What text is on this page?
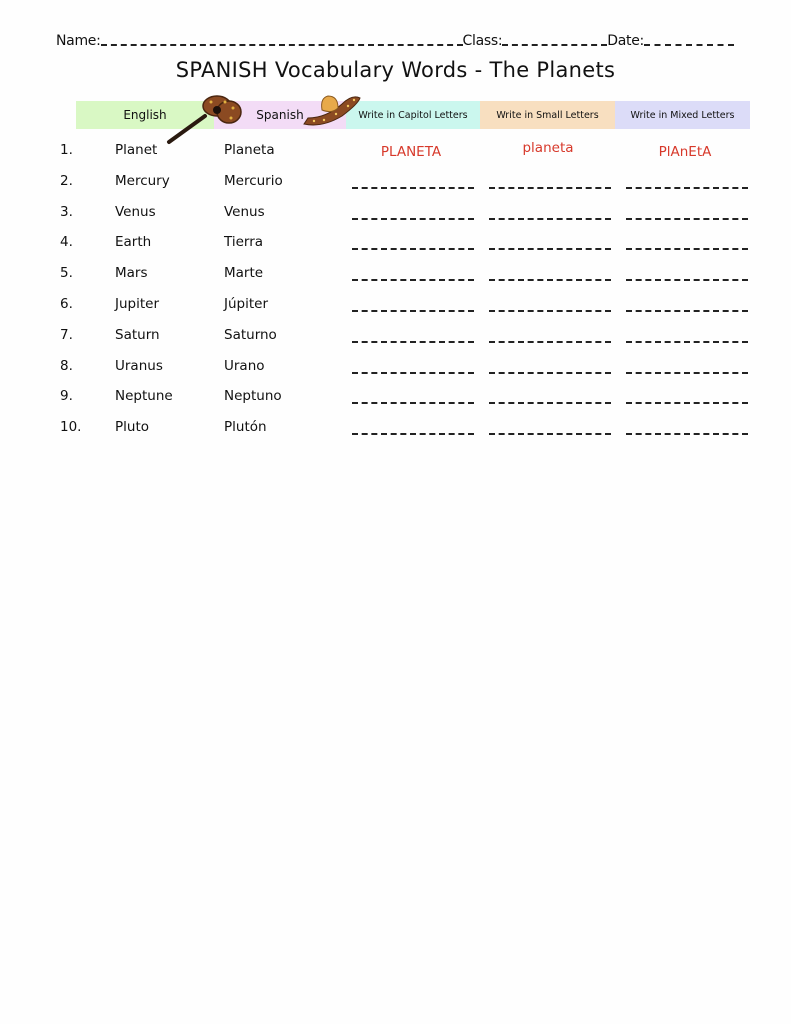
Name:	Class:	Date:
SPANISH Vocabulary Words - The Planets
English	Spanish	Write in Capitol Letters	Write in Small Letters	Write in Mixed Letters
1.	Planet	Planeta	PLANETA	planeta	PlAnEtA
2.	Mercury	Mercurio
3.	Venus	Venus
4.	Earth	Tierra
5.	Mars	Marte
6.	Jupiter	Júpiter
7.	Saturn	Saturno
8.	Uranus	Urano
9.	Neptune	Neptuno
10. Pluto	Plutón
